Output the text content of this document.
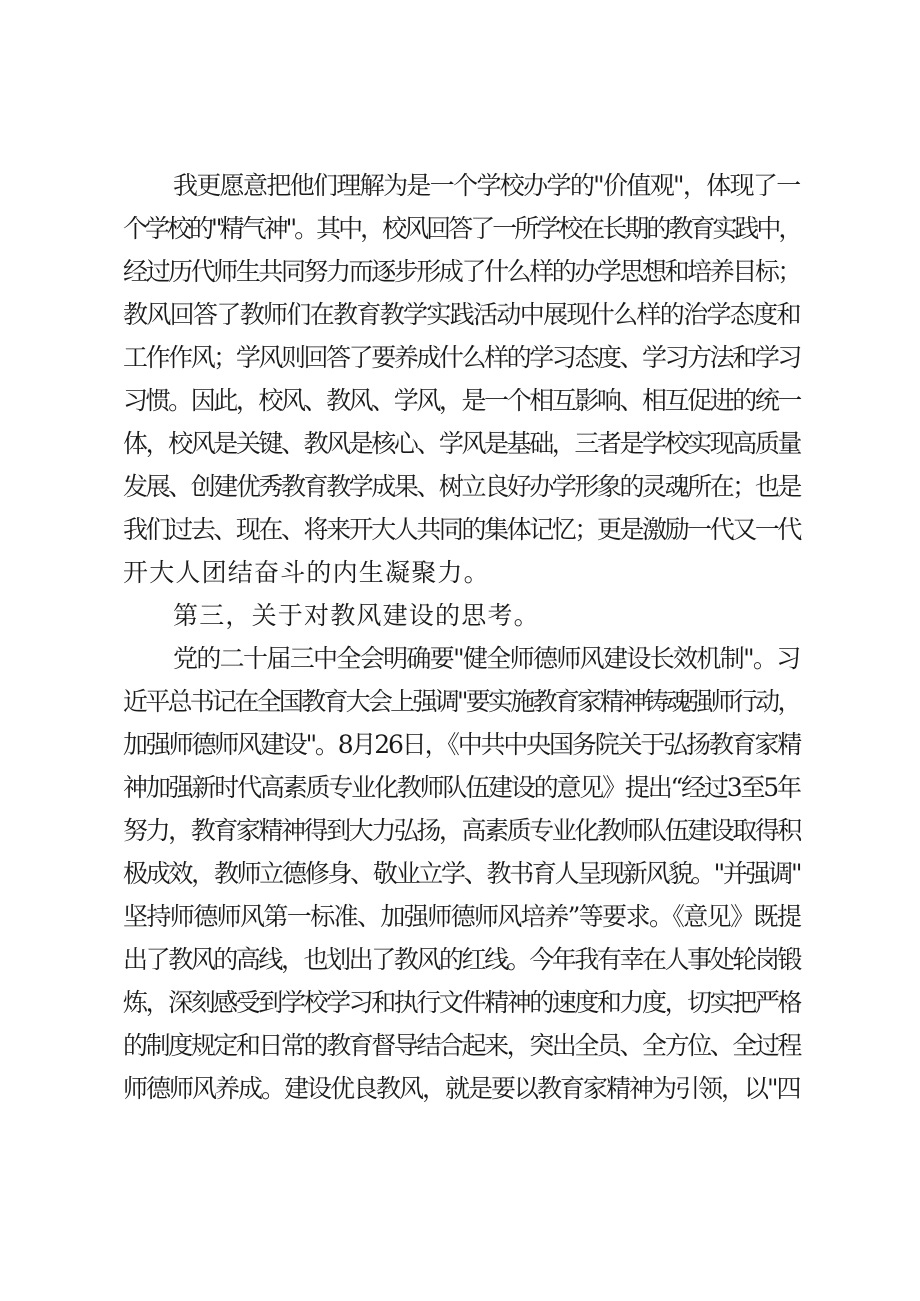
我更愿意把他们理解为是一个学校办学的"价值观"，体现了一
个学校的"精气神"。其中，校风回答了一所学校在长期的教育实践中，
经过历代师生共同努力而逐步形成了什么样的办学思想和培养目标；
教风回答了教师们在教育教学实践活动中展现什么样的治学态度和
工作作风；学风则回答了要养成什么样的学习态度、学习方法和学习
习惯。因此，校风、教风、学风，是一个相互影响、相互促进的统一
体，校风是关键、教风是核心、学风是基础，三者是学校实现高质量
发展、创建优秀教育教学成果、树立良好办学形象的灵魂所在；也是
我们过去、现在、将来开大人共同的集体记忆；更是激励一代又一代
开大人团结奋斗的内生凝聚力。
第三，关于对教风建设的思考。
党的二十届三中全会明确要"健全师德师风建设长效机制"。习
近平总书记在全国教育大会上强调"要实施教育家精神铸魂强师行动，
加强师德师风建设"。8月26日，《中共中央国务院关于弘扬教育家精
神加强新时代高素质专业化教师队伍建设的意见》提出“经过3至5年
努力，教育家精神得到大力弘扬，高素质专业化教师队伍建设取得积
极成效，教师立德修身、敬业立学、教书育人呈现新风貌。"并强调"
坚持师德师风第一标准、加强师德师风培养”等要求。《意见》既提
出了教风的高线，也划出了教风的红线。今年我有幸在人事处轮岗锻
炼，深刻感受到学校学习和执行文件精神的速度和力度，切实把严格
的制度规定和日常的教育督导结合起来，突出全员、全方位、全过程
师德师风养成。建设优良教风，就是要以教育家精神为引领，以"四
